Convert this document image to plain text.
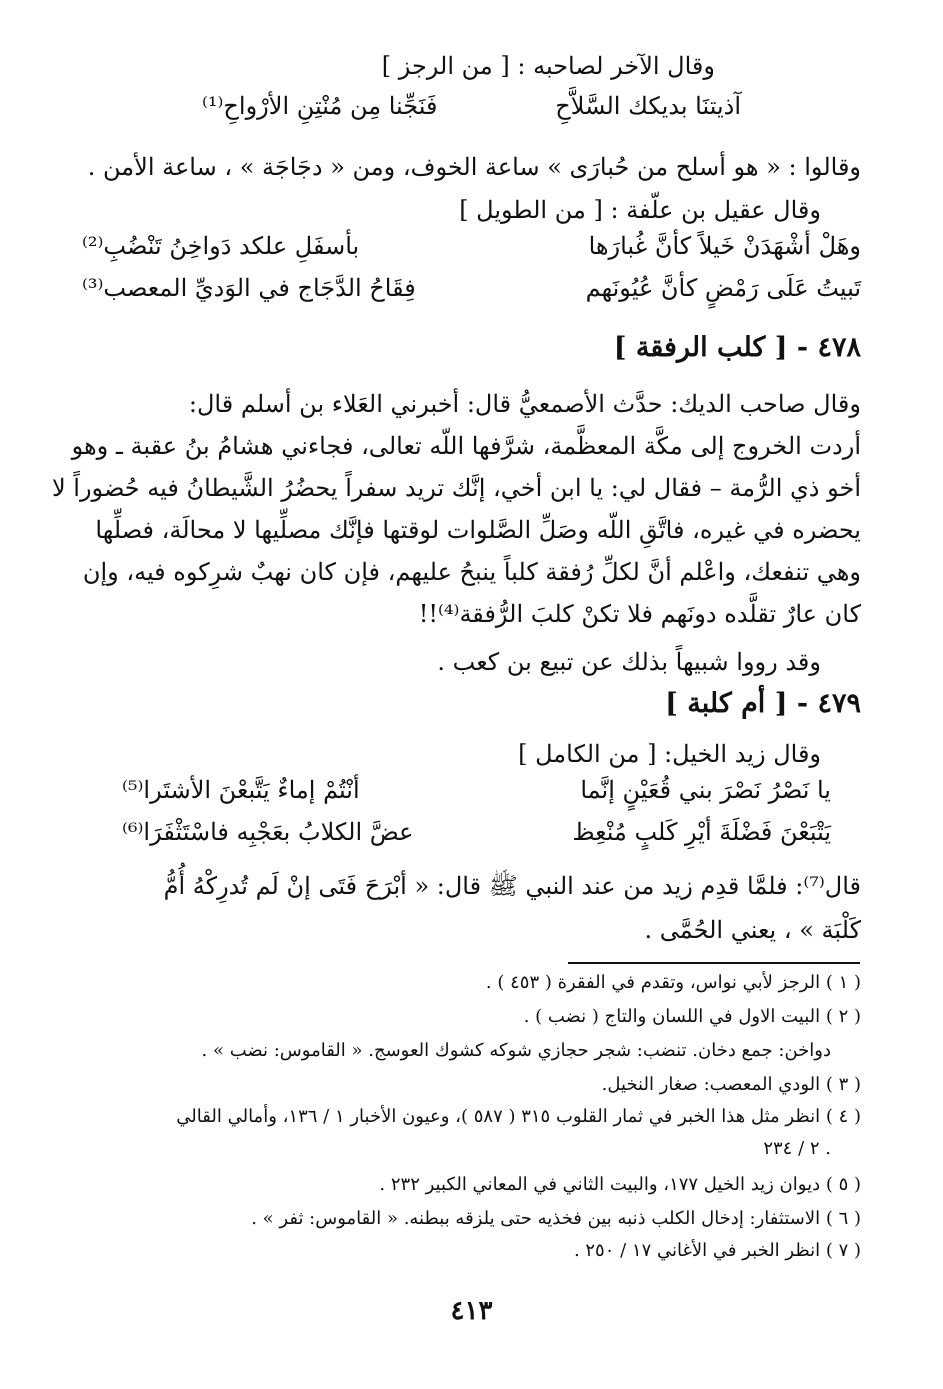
وقال الآخر لصاحبه : [ من الرجز ]
آذيتنَا بديكك السَّلاَّحِ
فَنَجِّنا مِن مُنْتِنِ الأرْواحِ⁽¹⁾
وقالوا : « هو أسلح من حُبارَى » ساعة الخوف، ومن « دجَاجَة » ، ساعة الأمن .
وقال عقيل بن علّفة : [ من الطويل ]
وهَلْ أشْهَدَنْ خَيلاً كأنَّ غُبارَها
بأسفَلِ علكد دَواخِنُ تَنْضُبِ⁽²⁾
تَبيتُ عَلَى رَمْضٍ كأنَّ عُيُونَهم
فِقَاحُ الدَّجَاج في الوَديِّ المعصب⁽³⁾
٤٧٨ - [ كلب الرفقة ]
وقال صاحب الديك: حدَّث الأصمعيُّ قال: أخبرني العَلاء بن أسلم قال:
أردت الخروج إلى مكَّة المعظَّمة، شرَّفها اللّه تعالى، فجاءني هشامُ بنُ عقبة ـ وهو
أخو ذي الرُّمة – فقال لي: يا ابن أخي، إنَّك تريد سفراً يحضُرُ الشَّيطانُ فيه حُضوراً لا
يحضره في غيره، فاتَّقِ اللّه وصَلِّ الصَّلوات لوقتها فإنَّك مصلِّيها لا محالَة، فصلِّها
وهي تنفعك، واعْلم أنَّ لكلِّ رُفقة كلباً ينبحُ عليهم، فإن كان نهبٌ شرِكوه فيه، وإن
كان عارٌ تقلَّده دونَهم فلا تكنْ كلبَ الرُّفقة⁽⁴⁾!!
وقد رووا شبيهاً بذلك عن تبيع بن كعب .
٤٧٩ - [ أم كلبة ]
وقال زيد الخيل: [ من الكامل ]
يا نَصْرُ نَصْرَ بني قُعَيْنٍ إنَّما
أنْتُمْ إماءٌ يَتَّبعْنَ الأشتَرا⁽⁵⁾
يَتْبَعْنَ فَضْلَةَ أيْرِ كَلبٍ مُنْعِظ
عضَّ الكلابُ بعَجْبِه فاسْتَثْفَرَا⁽⁶⁾
قال⁽⁷⁾: فلمَّا قدِم زيد من عند النبي ﷺ قال: « أبْرَحَ فَتَى إنْ لَم تُدرِكْهُ أُمُّ
كَلْبَة » ، يعني الحُمَّى .
( ١ ) الرجز لأبي نواس، وتقدم في الفقرة ( ٤٥٣ ) .
( ٢ ) البيت الاول في اللسان والتاج ( نضب ) .
دواخن: جمع دخان. تنضب: شجر حجازي شوكه كشوك العوسج. « القاموس: نضب » .
( ٣ ) الودي المعصب: صغار النخيل.
( ٤ ) انظر مثل هذا الخبر في ثمار القلوب ٣١٥ ( ٥٨٧ )، وعيون الأخبار ١ / ١٣٦، وأمالي القالي
٢ / ٢٣٤ .
( ٥ ) ديوان زيد الخيل ١٧٧، والبيت الثاني في المعاني الكبير ٢٣٢ .
( ٦ ) الاستثفار: إدخال الكلب ذنبه بين فخذيه حتى يلزقه ببطنه. « القاموس: ثفر » .
( ٧ ) انظر الخبر في الأغاني ١٧ / ٢٥٠ .
٤١٣
